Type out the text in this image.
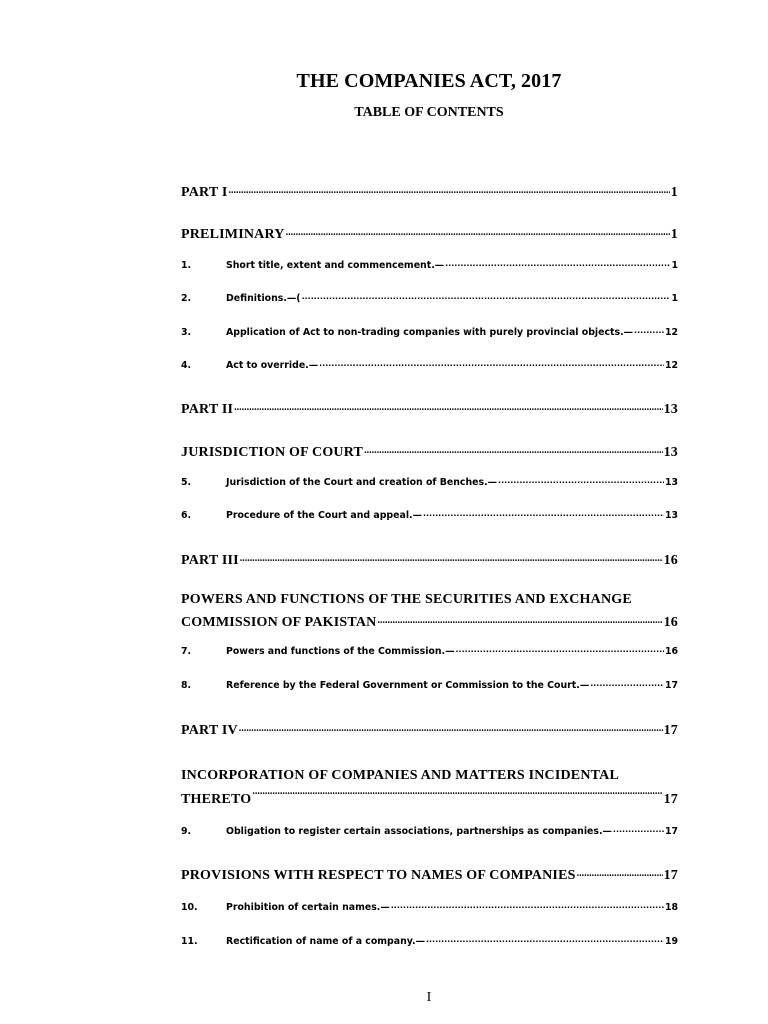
THE COMPANIES ACT, 2017
TABLE OF CONTENTS
PART I .....	1
PRELIMINARY .....	1
1.	Short title, extent and commencement.— .....	1
2.	Definitions.—( .....	1
3.	Application of Act to non-trading companies with purely provincial objects.— .....	12
4.	Act to override.— .....	12
PART II .....	13
JURISDICTION OF COURT .....	13
5.	Jurisdiction of the Court and creation of Benches.— .....	13
6.	Procedure of the Court and appeal.— .....	13
PART III .....	16
POWERS AND FUNCTIONS OF THE SECURITIES AND EXCHANGE
COMMISSION OF PAKISTAN .....	16
7.	Powers and functions of the Commission.— .....	16
8.	Reference by the Federal Government or Commission to the Court.— .....	17
PART IV .....	17
INCORPORATION OF COMPANIES AND MATTERS INCIDENTAL
THERETO .....	17
9.	Obligation to register certain associations, partnerships as companies.— .....	17
PROVISIONS WITH RESPECT TO NAMES OF COMPANIES .....	17
10.	Prohibition of certain names.— .....	18
11.	Rectification of name of a company.— .....	19
I
